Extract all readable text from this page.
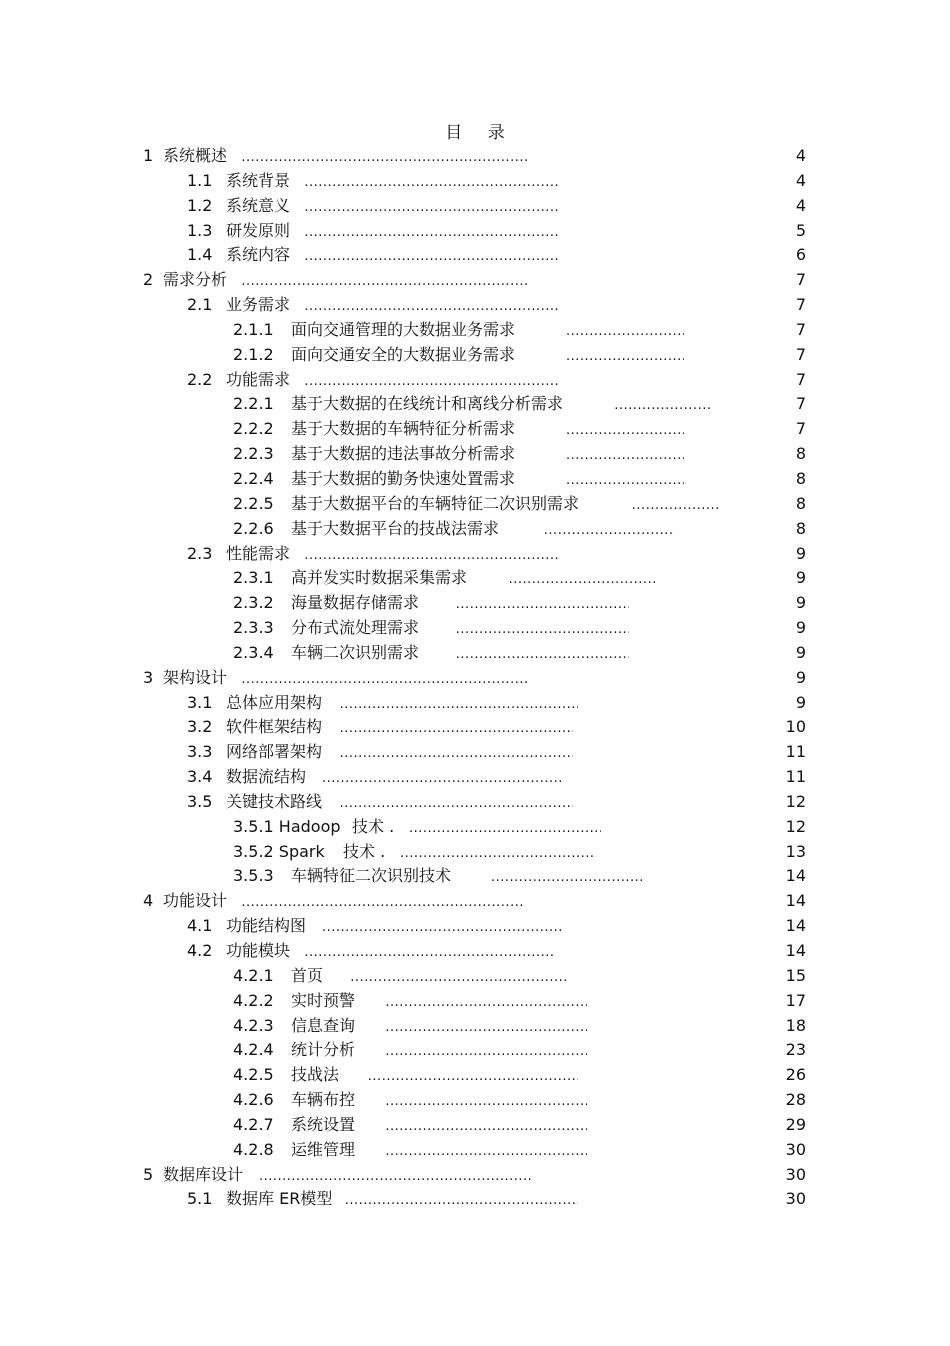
目 录
1 系统概述 .....	4
1.1 系统背景 .....	4
1.2 系统意义 .....	4
1.3 研发原则 .....	5
1.4 系统内容 .....	6
2 需求分析 .....	7
2.1 业务需求 .....	7
2.1.1 面向交通管理的大数据业务需求 .....	7
2.1.2 面向交通安全的大数据业务需求 .....	7
2.2 功能需求 .....	7
2.2.1 基于大数据的在线统计和离线分析需求 .....	7
2.2.2 基于大数据的车辆特征分析需求 .....	7
2.2.3 基于大数据的违法事故分析需求 .....	8
2.2.4 基于大数据的勤务快速处置需求 .....	8
2.2.5 基于大数据平台的车辆特征二次识别需求 .....	8
2.2.6 基于大数据平台的技战法需求 .....	8
2.3 性能需求 .....	9
2.3.1 高并发实时数据采集需求 .....	9
2.3.2 海量数据存储需求 .....	9
2.3.3 分布式流处理需求 .....	9
2.3.4 车辆二次识别需求 .....	9
3 架构设计 .....	9
3.1 总体应用架构 .....	9
3.2 软件框架结构 .....	10
3.3 网络部署架构 .....	11
3.4 数据流结构 .....	11
3.5 关键技术路线 .....	12
3.5.1 Hadoop 技术 . .....	12
3.5.2 Spark 技术 . .....	13
3.5.3 车辆特征二次识别技术 .....	14
4 功能设计 .....	14
4.1 功能结构图 .....	14
4.2 功能模块 .....	14
4.2.1 首页 .....	15
4.2.2 实时预警 .....	17
4.2.3 信息查询 .....	18
4.2.4 统计分析 .....	23
4.2.5 技战法 .....	26
4.2.6 车辆布控 .....	28
4.2.7 系统设置 .....	29
4.2.8 运维管理 .....	30
5 数据库设计 .....	30
5.1 数据库 ER模型 .....	30
